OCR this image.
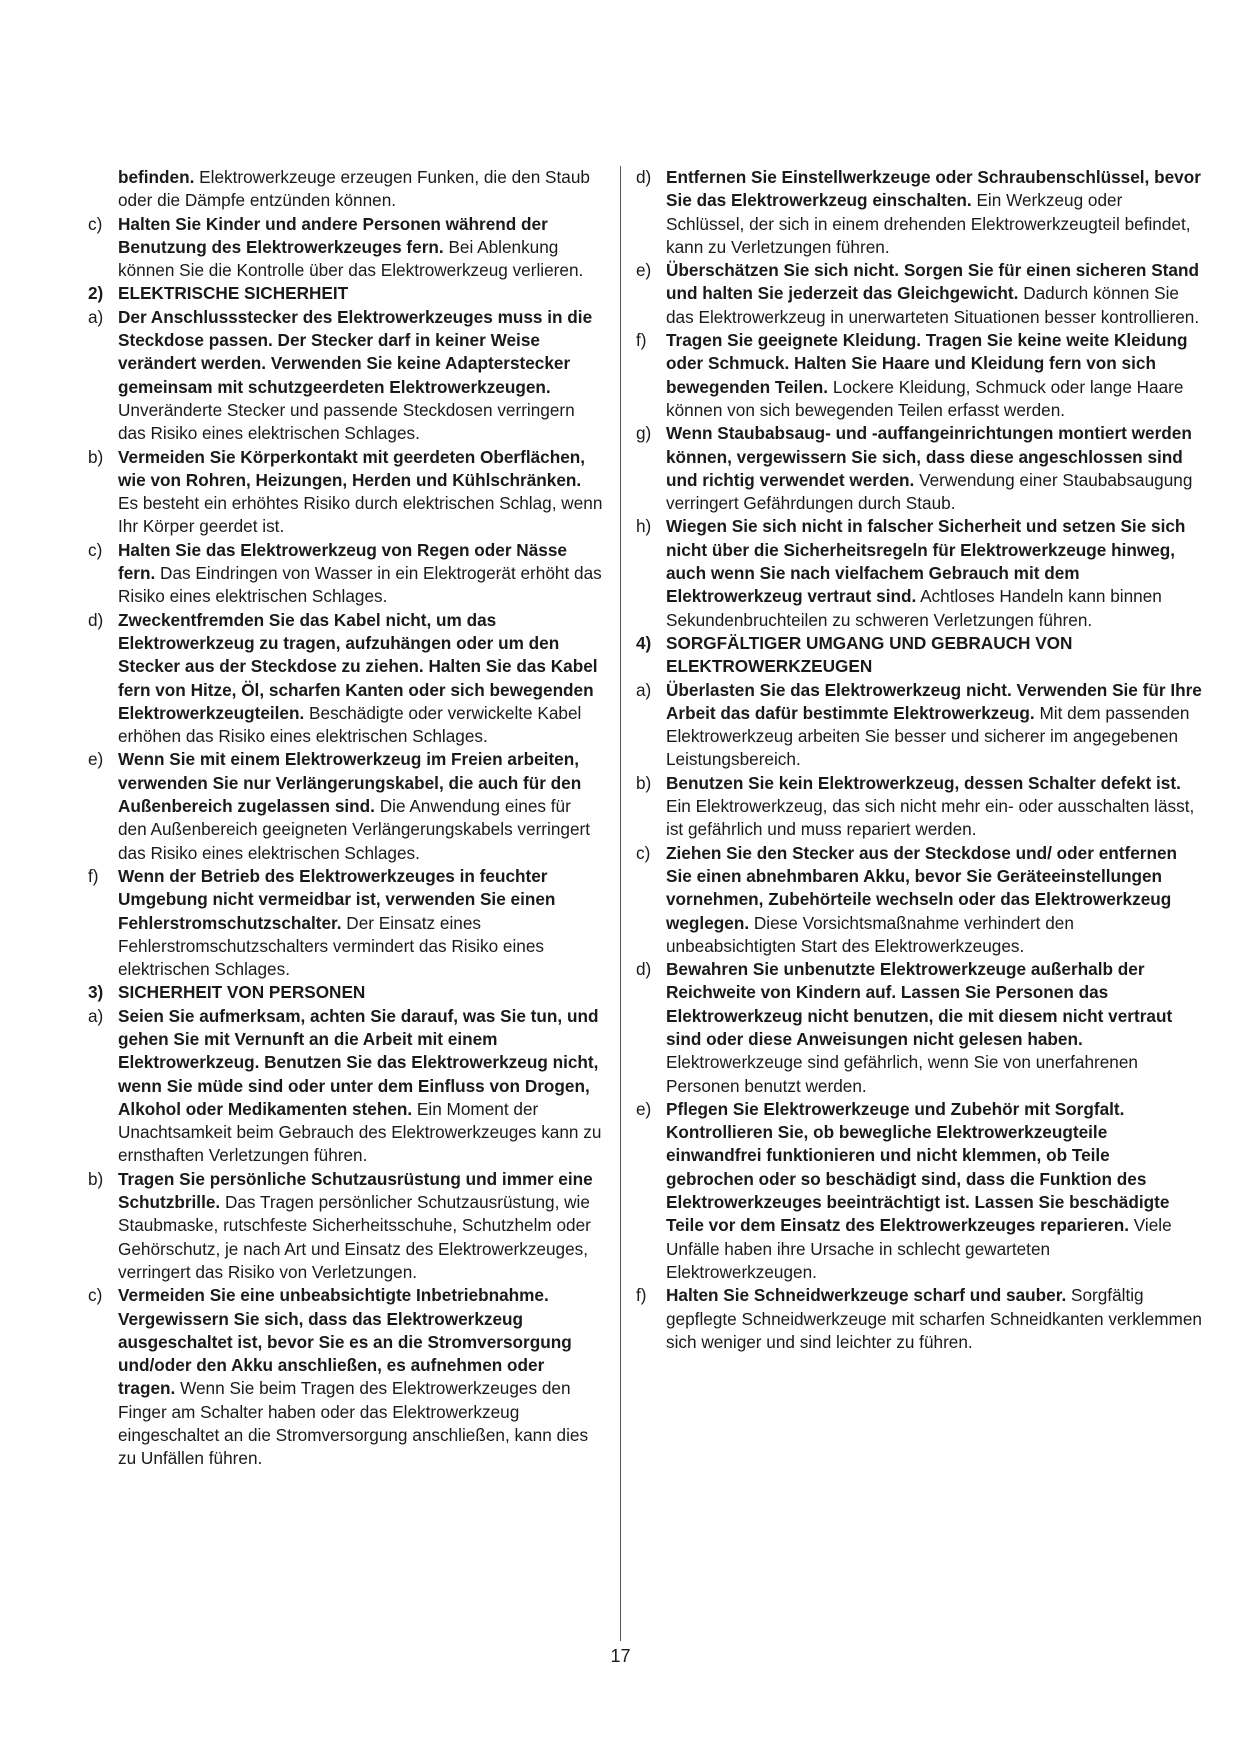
befinden. Elektrowerkzeuge erzeugen Funken, die den Staub oder die Dämpfe entzünden können.

c) Halten Sie Kinder und andere Personen während der Benutzung des Elektrowerkzeuges fern. Bei Ablenkung können Sie die Kontrolle über das Elektrowerkzeug verlieren.

2) ELEKTRISCHE SICHERHEIT

a) Der Anschlussstecker des Elektrowerkzeuges muss in die Steckdose passen. Der Stecker darf in keiner Weise verändert werden. Verwenden Sie keine Adapterstecker gemeinsam mit schutzgeerdeten Elektrowerkzeugen. Unveränderte Stecker und passende Steckdosen verringern das Risiko eines elektrischen Schlages.

b) Vermeiden Sie Körperkontakt mit geerdeten Oberflächen, wie von Rohren, Heizungen, Herden und Kühlschränken. Es besteht ein erhöhtes Risiko durch elektrischen Schlag, wenn Ihr Körper geerdet ist.

c) Halten Sie das Elektrowerkzeug von Regen oder Nässe fern. Das Eindringen von Wasser in ein Elektrogerät erhöht das Risiko eines elektrischen Schlages.

d) Zweckentfremden Sie das Kabel nicht, um das Elektrowerkzeug zu tragen, aufzuhängen oder um den Stecker aus der Steckdose zu ziehen. Halten Sie das Kabel fern von Hitze, Öl, scharfen Kanten oder sich bewegenden Elektrowerkzeugteilen. Beschädigte oder verwickelte Kabel erhöhen das Risiko eines elektrischen Schlages.

e) Wenn Sie mit einem Elektrowerkzeug im Freien arbeiten, verwenden Sie nur Verlängerungskabel, die auch für den Außenbereich zugelassen sind. Die Anwendung eines für den Außenbereich geeigneten Verlängerungskabels verringert das Risiko eines elektrischen Schlages.

f) Wenn der Betrieb des Elektrowerkzeuges in feuchter Umgebung nicht vermeidbar ist, verwenden Sie einen Fehlerstromschutzschalter. Der Einsatz eines Fehlerstromschutzschalters vermindert das Risiko eines elektrischen Schlages.

3) SICHERHEIT VON PERSONEN

a) Seien Sie aufmerksam, achten Sie darauf, was Sie tun, und gehen Sie mit Vernunft an die Arbeit mit einem Elektrowerkzeug. Benutzen Sie das Elektrowerkzeug nicht, wenn Sie müde sind oder unter dem Einfluss von Drogen, Alkohol oder Medikamenten stehen. Ein Moment der Unachtsamkeit beim Gebrauch des Elektrowerkzeuges kann zu ernsthaften Verletzungen führen.

b) Tragen Sie persönliche Schutzausrüstung und immer eine Schutzbrille. Das Tragen persönlicher Schutzausrüstung, wie Staubmaske, rutschfeste Sicherheitsschuhe, Schutzhelm oder Gehörschutz, je nach Art und Einsatz des Elektrowerkzeuges, verringert das Risiko von Verletzungen.

c) Vermeiden Sie eine unbeabsichtigte Inbetriebnahme. Vergewissern Sie sich, dass das Elektrowerkzeug ausgeschaltet ist, bevor Sie es an die Stromversorgung und/oder den Akku anschließen, es aufnehmen oder tragen. Wenn Sie beim Tragen des Elektrowerkzeuges den Finger am Schalter haben oder das Elektrowerkzeug eingeschaltet an die Stromversorgung anschließen, kann dies zu Unfällen führen.

d) Entfernen Sie Einstellwerkzeuge oder Schraubenschlüssel, bevor Sie das Elektrowerkzeug einschalten. Ein Werkzeug oder Schlüssel, der sich in einem drehenden Elektrowerkzeugteil befindet, kann zu Verletzungen führen.

e) Überschätzen Sie sich nicht. Sorgen Sie für einen sicheren Stand und halten Sie jederzeit das Gleichgewicht. Dadurch können Sie das Elektrowerkzeug in unerwarteten Situationen besser kontrollieren.

f) Tragen Sie geeignete Kleidung. Tragen Sie keine weite Kleidung oder Schmuck. Halten Sie Haare und Kleidung fern von sich bewegenden Teilen. Lockere Kleidung, Schmuck oder lange Haare können von sich bewegenden Teilen erfasst werden.

g) Wenn Staubabsaug- und -auffangeinrichtungen montiert werden können, vergewissern Sie sich, dass diese angeschlossen sind und richtig verwendet werden. Verwendung einer Staubabsaugung verringert Gefährdungen durch Staub.

h) Wiegen Sie sich nicht in falscher Sicherheit und setzen Sie sich nicht über die Sicherheitsregeln für Elektrowerkzeuge hinweg, auch wenn Sie nach vielfachem Gebrauch mit dem Elektrowerkzeug vertraut sind. Achtloses Handeln kann binnen Sekundenbruchteilen zu schweren Verletzungen führen.

4) SORGFÄLTIGER UMGANG UND GEBRAUCH VON ELEKTROWERKZEUGEN

a) Überlasten Sie das Elektrowerkzeug nicht. Verwenden Sie für Ihre Arbeit das dafür bestimmte Elektrowerkzeug. Mit dem passenden Elektrowerkzeug arbeiten Sie besser und sicherer im angegebenen Leistungsbereich.

b) Benutzen Sie kein Elektrowerkzeug, dessen Schalter defekt ist. Ein Elektrowerkzeug, das sich nicht mehr ein- oder ausschalten lässt, ist gefährlich und muss repariert werden.

c) Ziehen Sie den Stecker aus der Steckdose und/ oder entfernen Sie einen abnehmbaren Akku, bevor Sie Geräteeinstellungen vornehmen, Zubehörteile wechseln oder das Elektrowerkzeug weglegen. Diese Vorsichtsmaßnahme verhindert den unbeabsichtigten Start des Elektrowerkzeuges.

d) Bewahren Sie unbenutzte Elektrowerkzeuge außerhalb der Reichweite von Kindern auf. Lassen Sie Personen das Elektrowerkzeug nicht benutzen, die mit diesem nicht vertraut sind oder diese Anweisungen nicht gelesen haben. Elektrowerkzeuge sind gefährlich, wenn Sie von unerfahrenen Personen benutzt werden.

e) Pflegen Sie Elektrowerkzeuge und Zubehör mit Sorgfalt. Kontrollieren Sie, ob bewegliche Elektrowerkzeugteile einwandfrei funktionieren und nicht klemmen, ob Teile gebrochen oder so beschädigt sind, dass die Funktion des Elektrowerkzeuges beeinträchtigt ist. Lassen Sie beschädigte Teile vor dem Einsatz des Elektrowerkzeuges reparieren. Viele Unfälle haben ihre Ursache in schlecht gewarteten Elektrowerkzeugen.

f) Halten Sie Schneidwerkzeuge scharf und sauber. Sorgfältig gepflegte Schneidwerkzeuge mit scharfen Schneidkanten verklemmen sich weniger und sind leichter zu führen.

17
